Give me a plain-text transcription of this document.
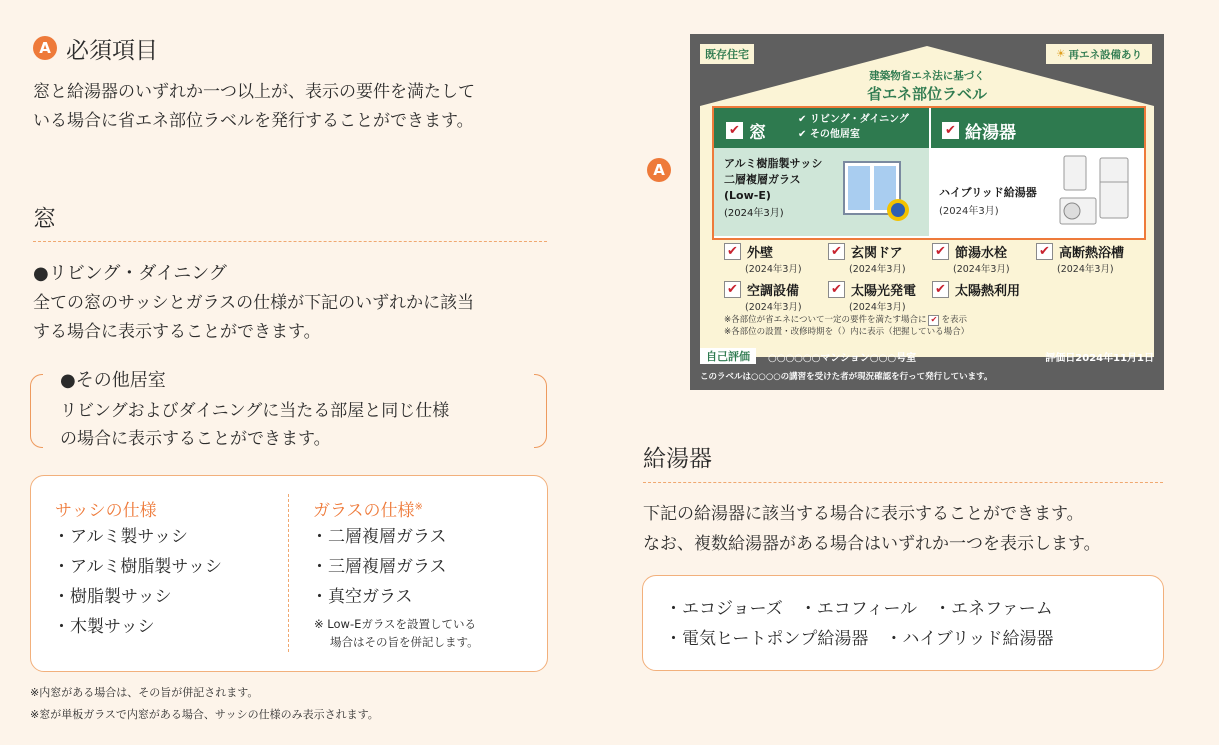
A 必須項目
窓と給湯器のいずれか一つ以上が、表示の要件を満たして
いる場合に省エネ部位ラベルを発行することができます。
窓
●リビング・ダイニング
全ての窓のサッシとガラスの仕様が下記のいずれかに該当
する場合に表示することができます。
●その他居室
リビングおよびダイニングに当たる部屋と同じ仕様
の場合に表示することができます。
サッシの仕様
・アルミ製サッシ
・アルミ樹脂製サッシ
・樹脂製サッシ
・木製サッシ
ガラスの仕様※
・二層複層ガラス
・三層複層ガラス
・真空ガラス
※ Low-Eガラスを設置している
場合はその旨を併記します。
※内窓がある場合は、その旨が併記されます。
※窓が単板ガラスで内窓がある場合、サッシの仕様のみ表示されます。
A
既存住宅	☀ 再エネ設備あり
建築物省エネ法に基づく
省エネ部位ラベル
✔ 窓
✔ リビング・ダイニング
✔ その他居室	✔ 給湯器
アルミ樹脂製サッシ
二層複層ガラス
(Low-E)
(2024年3月)
ハイブリッド給湯器
(2024年3月)
✔ 外壁
(2024年3月)
✔ 玄関ドア
(2024年3月)
✔ 節湯水栓
(2024年3月)
✔ 高断熱浴槽
(2024年3月)
✔ 空調設備
(2024年3月)
✔ 太陽光発電
(2024年3月)
✔ 太陽熱利用
※各部位が省エネについて一定の要件を満たす場合に ✔ を表示
※各部位の設置・改修時期を（）内に表示（把握している場合）
自己評価	○○○○○○マンション○○○号室	評価日2024年11月1日
このラベルは○○○○の講習を受けた者が現況確認を行って発行しています。
給湯器
下記の給湯器に該当する場合に表示することができます。
なお、複数給湯器がある場合はいずれか一つを表示します。
・エコジョーズ　・エコフィール　・エネファーム
・電気ヒートポンプ給湯器　・ハイブリッド給湯器
